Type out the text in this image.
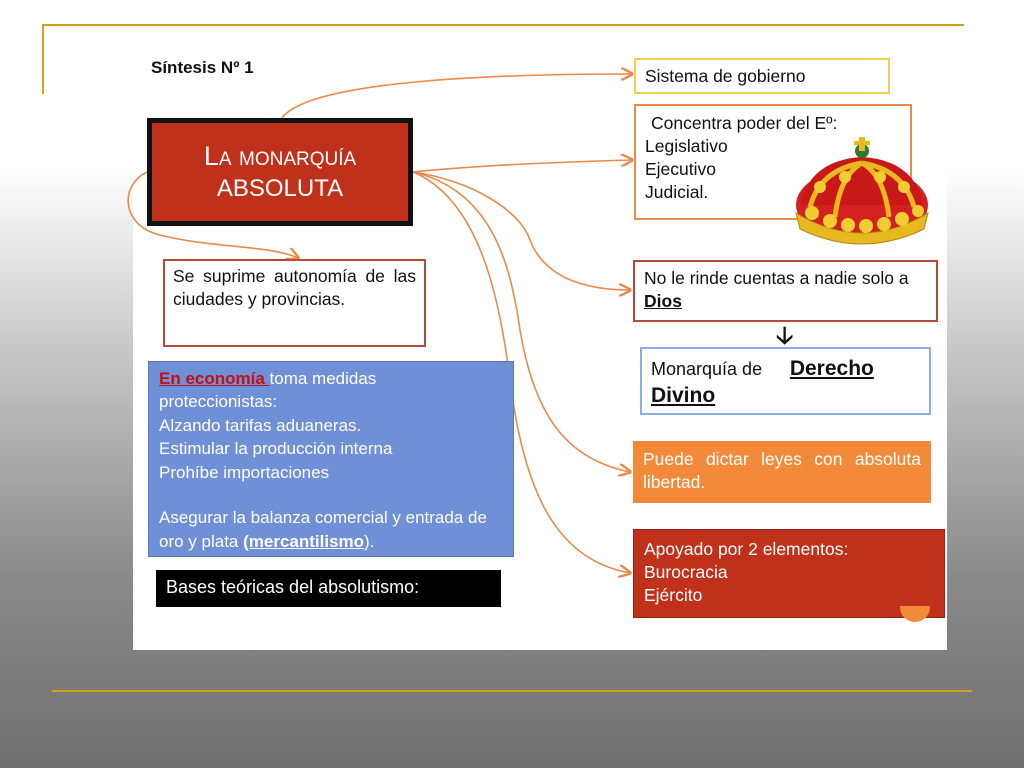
Síntesis Nº 1
La monarquía
ABSOLUTA
Sistema de gobierno
Concentra poder del Eº:
Legislativo
Ejecutivo
Judicial.
Se suprime autonomía de las ciudades y provincias.
No le rinde cuentas a nadie solo a Dios
🡣
Monarquía de Derecho Divino
Puede dictar leyes con absoluta libertad.
Apoyado por 2 elementos:
Burocracia
Ejército
En economía toma medidas
proteccionistas:
Alzando tarifas aduaneras.
Estimular la producción interna
Prohíbe importaciones
Asegurar la balanza comercial y entrada de oro y plata (mercantilismo).
Bases teóricas del absolutismo:
